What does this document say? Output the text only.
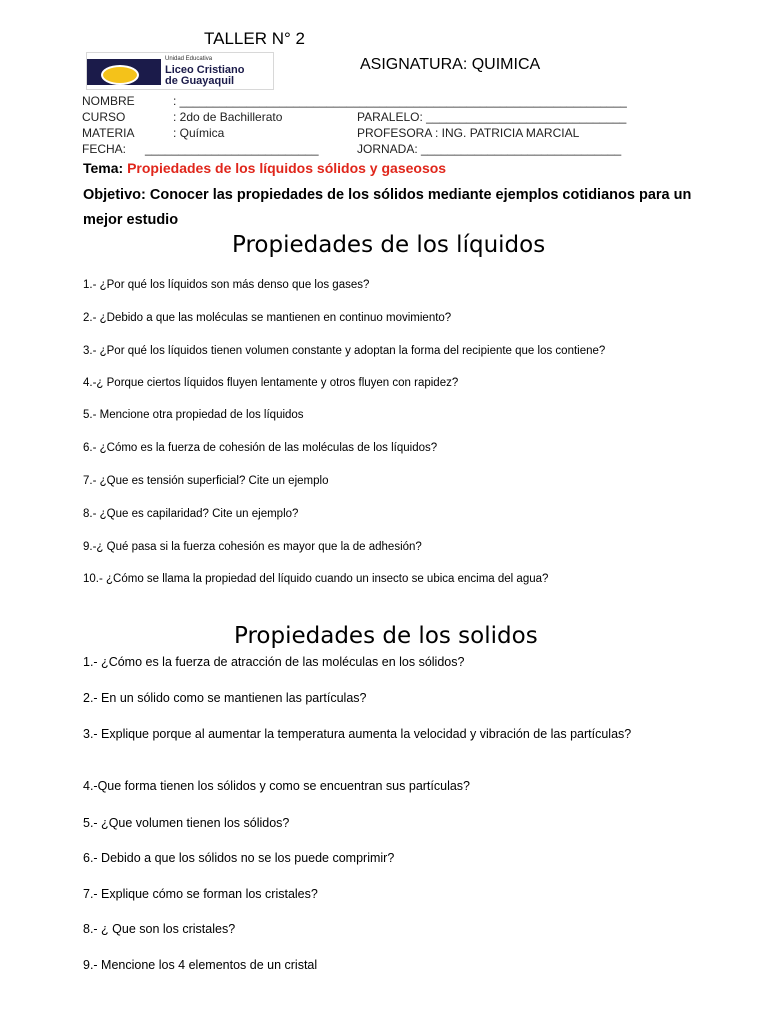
TALLER N° 2
Unidad Educativa
Liceo Cristiano
de Guayaquil
ASIGNATURA: QUIMICA
NOMBRE	: ___________________________________________________________________
CURSO	: 2do de Bachillerato	PARALELO: ______________________________
MATERIA	: Química	PROFESORA : ING. PATRICIA MARCIAL
FECHA: __________________________	JORNADA: ______________________________
Tema: Propiedades de los líquidos sólidos y gaseosos
Objetivo: Conocer las propiedades de los sólidos mediante ejemplos cotidianos para un mejor estudio
Propiedades de los líquidos
1.- ¿Por qué los líquidos son más denso que los gases?
2.- ¿Debido a que las moléculas se mantienen en continuo movimiento?
3.- ¿Por qué los líquidos tienen volumen constante y adoptan la forma del recipiente que los contiene?
4.-¿ Porque ciertos líquidos fluyen lentamente y otros fluyen con rapidez?
5.- Mencione otra propiedad de los líquidos
6.- ¿Cómo es la fuerza de cohesión de las moléculas de los líquidos?
7.- ¿Que es tensión superficial? Cite un ejemplo
8.- ¿Que es capilaridad? Cite un ejemplo?
9.-¿ Qué pasa si la fuerza cohesión es mayor que la de adhesión?
10.- ¿Cómo se llama la propiedad del líquido cuando un insecto se ubica encima del agua?
Propiedades de los solidos
1.- ¿Cómo es la fuerza de atracción de las moléculas en los sólidos?
2.- En un sólido como se mantienen las partículas?
3.- Explique porque al aumentar la temperatura aumenta la velocidad y vibración de las partículas?
4.-Que forma tienen los sólidos y como se encuentran sus partículas?
5.- ¿Que volumen tienen los sólidos?
6.- Debido a que los sólidos no se los puede comprimir?
7.- Explique cómo se forman los cristales?
8.- ¿ Que son los cristales?
9.- Mencione los 4 elementos de un cristal
